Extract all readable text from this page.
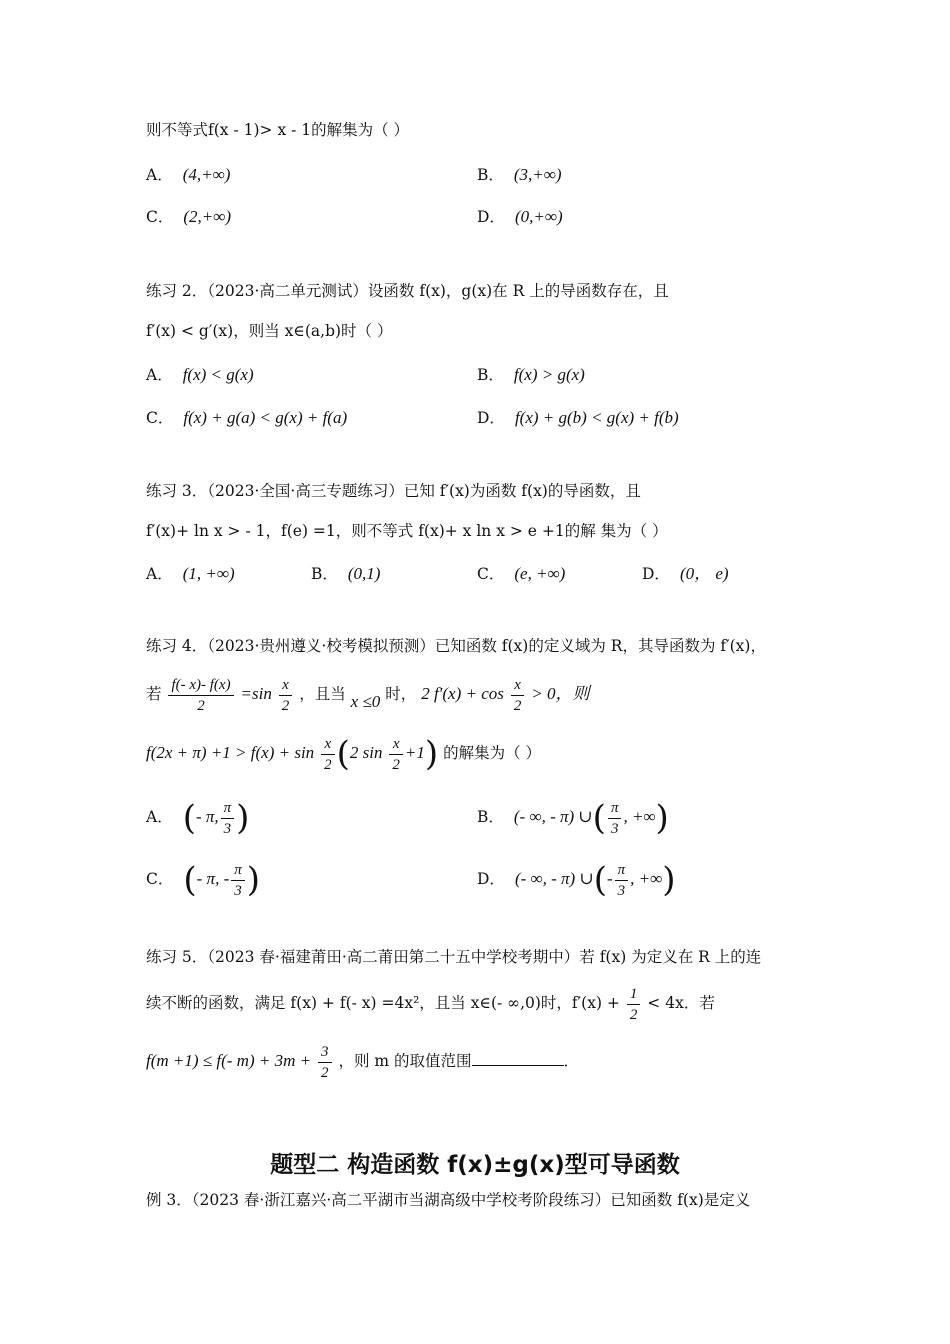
则不等式f(x - 1)> x - 1的解集为（ ）
A． (4,+∞)	B． (3,+∞)
C． (2,+∞)	D． (0,+∞)
练习 2．（2023·高二单元测试）设函数 f(x)，g(x)在 R 上的导函数存在，且
f′(x) < g′(x)，则当 x∈(a,b)时（ ）
A． f(x) < g(x)	B． f(x) > g(x)
C． f(x) + g(a) < g(x) + f(a)	D． f(x) + g(b) < g(x) + f(b)
练习 3．（2023·全国·高三专题练习）已知 f′(x)为函数 f(x)的导函数，且
f′(x)+ ln x > - 1，f(e) =1，则不等式 f(x)+ x ln x > e +1的解 集为（ ）
A． (1, +∞)	B． (0,1)	C． (e, +∞)	D． (0， e)
练习 4．（2023·贵州遵义·校考模拟预测）已知函数 f(x)的定义域为 R，其导函数为 f′(x)，
若 $\frac{f(- x)- f(x)}{2} =\sin \frac{x}{2}$ ，且当 x ≤0 时， 2 $f'(x) + \cos \frac{x}{2} > 0$，则
$f(2x + \pi) +1 > f(x) + \sin \frac{x}{2} (2$ $\sin \frac{x}{2} +1$) 的解集为（ ）
A． (- π, $\frac{\pi}{3}$ )	B． (- ∞, - π) ∪( $\frac{\pi}{3}$ , +∞)
C． (- π, - $\frac{\pi}{3}$ )	D． (- ∞, - π) ∪(- $\frac{\pi}{3}$ , +∞)
练习 5．（2023 春·福建莆田·高二莆田第二十五中学校考期中）若 f(x) 为定义在 R 上的连
续不断的函数，满足 f(x) + f(- x) =4x²，且当 x∈(- ∞,0)时，$f'(x) + \frac{1}{2} < 4x$．若
f(m +1) ≤ f(- $m) + 3m + \frac{3}{2}$ ，则 m 的取值范围	．
题型二 构造函数 f(x)±g(x)型可导函数
例 3．（2023 春·浙江嘉兴·高二平湖市当湖高级中学校考阶段练习）已知函数 f(x)是定义
